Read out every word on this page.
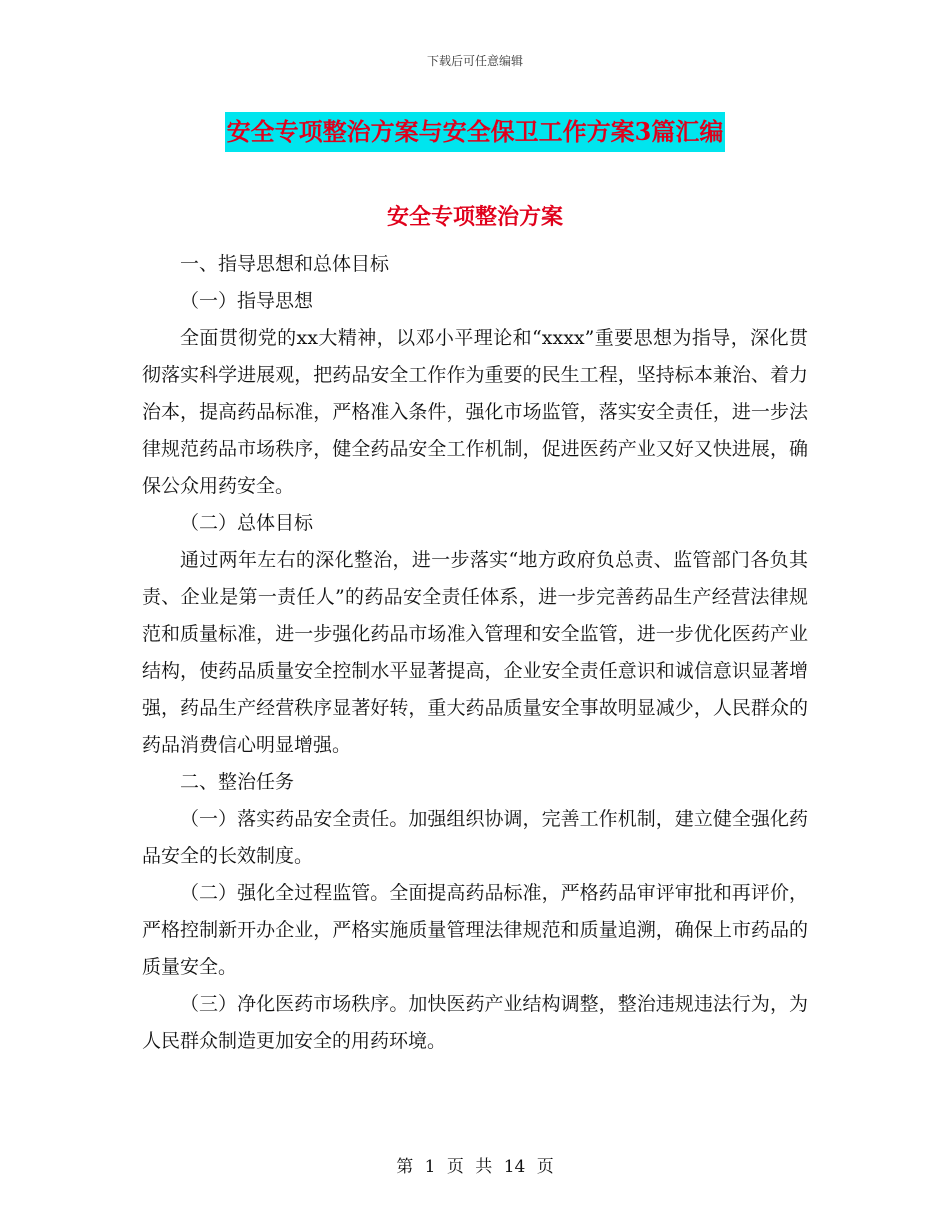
下载后可任意编辑
安全专项整治方案与安全保卫工作方案3篇汇编
安全专项整治方案

一、指导思想和总体目标

（一）指导思想

全面贯彻党的xx大精神，以邓小平理论和“xxxx”重要思想为指导，深化贯彻落实科学进展观，把药品安全工作作为重要的民生工程，坚持标本兼治、着力治本，提高药品标准，严格准入条件，强化市场监管，落实安全责任，进一步法律规范药品市场秩序，健全药品安全工作机制，促进医药产业又好又快进展，确保公众用药安全。

（二）总体目标

通过两年左右的深化整治，进一步落实“地方政府负总责、监管部门各负其责、企业是第一责任人”的药品安全责任体系，进一步完善药品生产经营法律规范和质量标准，进一步强化药品市场准入管理和安全监管，进一步优化医药产业结构，使药品质量安全控制水平显著提高，企业安全责任意识和诚信意识显著增强，药品生产经营秩序显著好转，重大药品质量安全事故明显减少，人民群众的药品消费信心明显增强。

二、整治任务

（一）落实药品安全责任。加强组织协调，完善工作机制，建立健全强化药品安全的长效制度。

（二）强化全过程监管。全面提高药品标准，严格药品审评审批和再评价，严格控制新开办企业，严格实施质量管理法律规范和质量追溯，确保上市药品的质量安全。

（三）净化医药市场秩序。加快医药产业结构调整，整治违规违法行为，为人民群众制造更加安全的用药环境。

第 1 页 共 14 页
